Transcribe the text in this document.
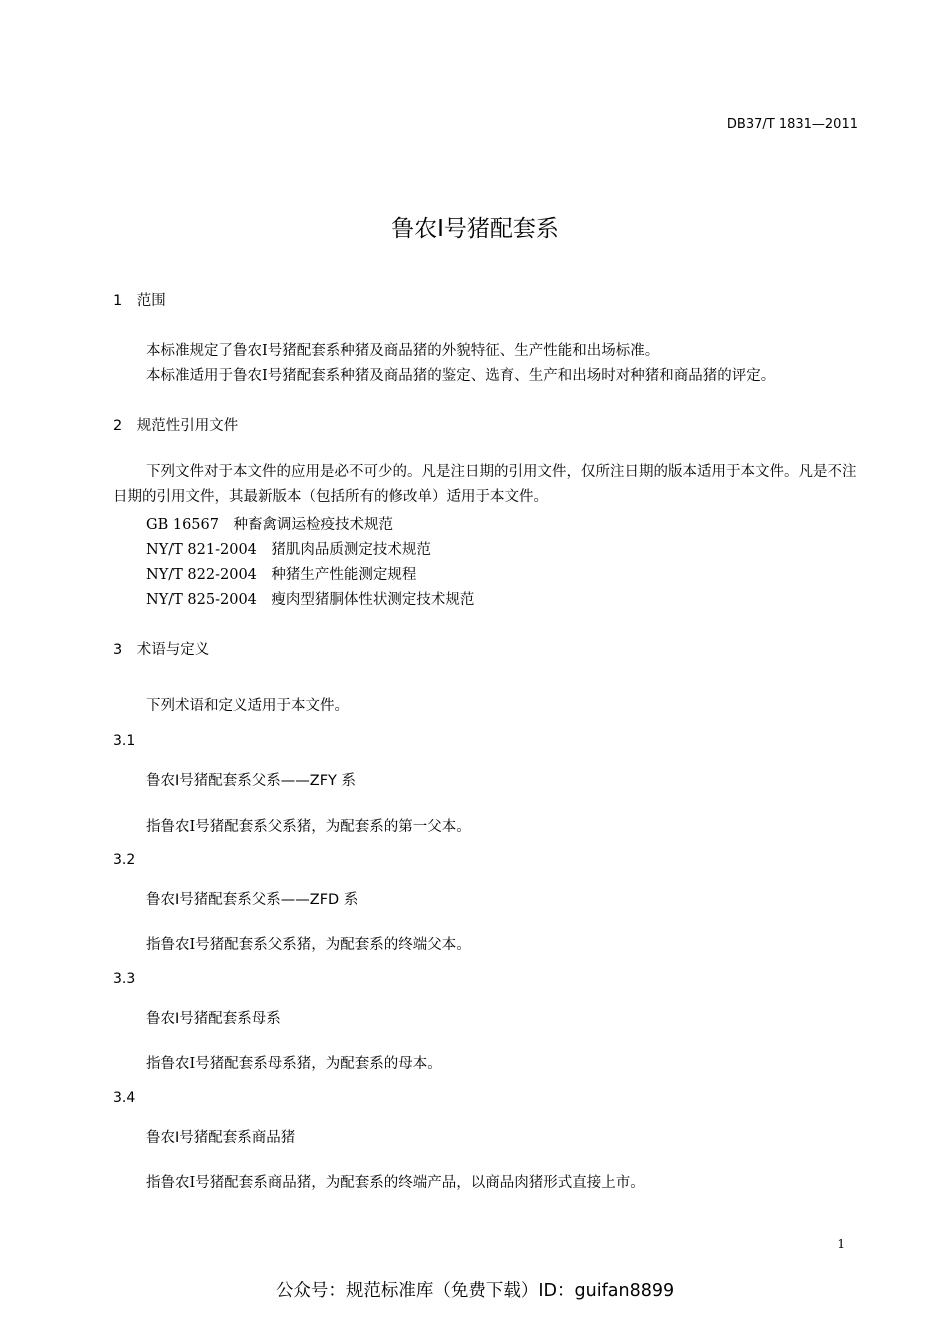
DB37/T 1831—2011
鲁农Ⅰ号猪配套系
1　范围
本标准规定了鲁农Ⅰ号猪配套系种猪及商品猪的外貌特征、生产性能和出场标准。
本标准适用于鲁农Ⅰ号猪配套系种猪及商品猪的鉴定、选育、生产和出场时对种猪和商品猪的评定。
2　规范性引用文件
下列文件对于本文件的应用是必不可少的。凡是注日期的引用文件，仅所注日期的版本适用于本文件。凡是不注日期的引用文件，其最新版本（包括所有的修改单）适用于本文件。
GB 16567　种畜禽调运检疫技术规范
NY/T 821-2004　猪肌肉品质测定技术规范
NY/T 822-2004　种猪生产性能测定规程
NY/T 825-2004　瘦肉型猪胴体性状测定技术规范
3　术语与定义
下列术语和定义适用于本文件。
3.1
鲁农Ⅰ号猪配套系父系——ZFY 系
指鲁农Ⅰ号猪配套系父系猪，为配套系的第一父本。
3.2
鲁农Ⅰ号猪配套系父系——ZFD 系
指鲁农Ⅰ号猪配套系父系猪，为配套系的终端父本。
3.3
鲁农Ⅰ号猪配套系母系
指鲁农Ⅰ号猪配套系母系猪，为配套系的母本。
3.4
鲁农Ⅰ号猪配套系商品猪
指鲁农Ⅰ号猪配套系商品猪，为配套系的终端产品，以商品肉猪形式直接上市。
1
公众号：规范标准库（免费下载）ID：guifan8899
